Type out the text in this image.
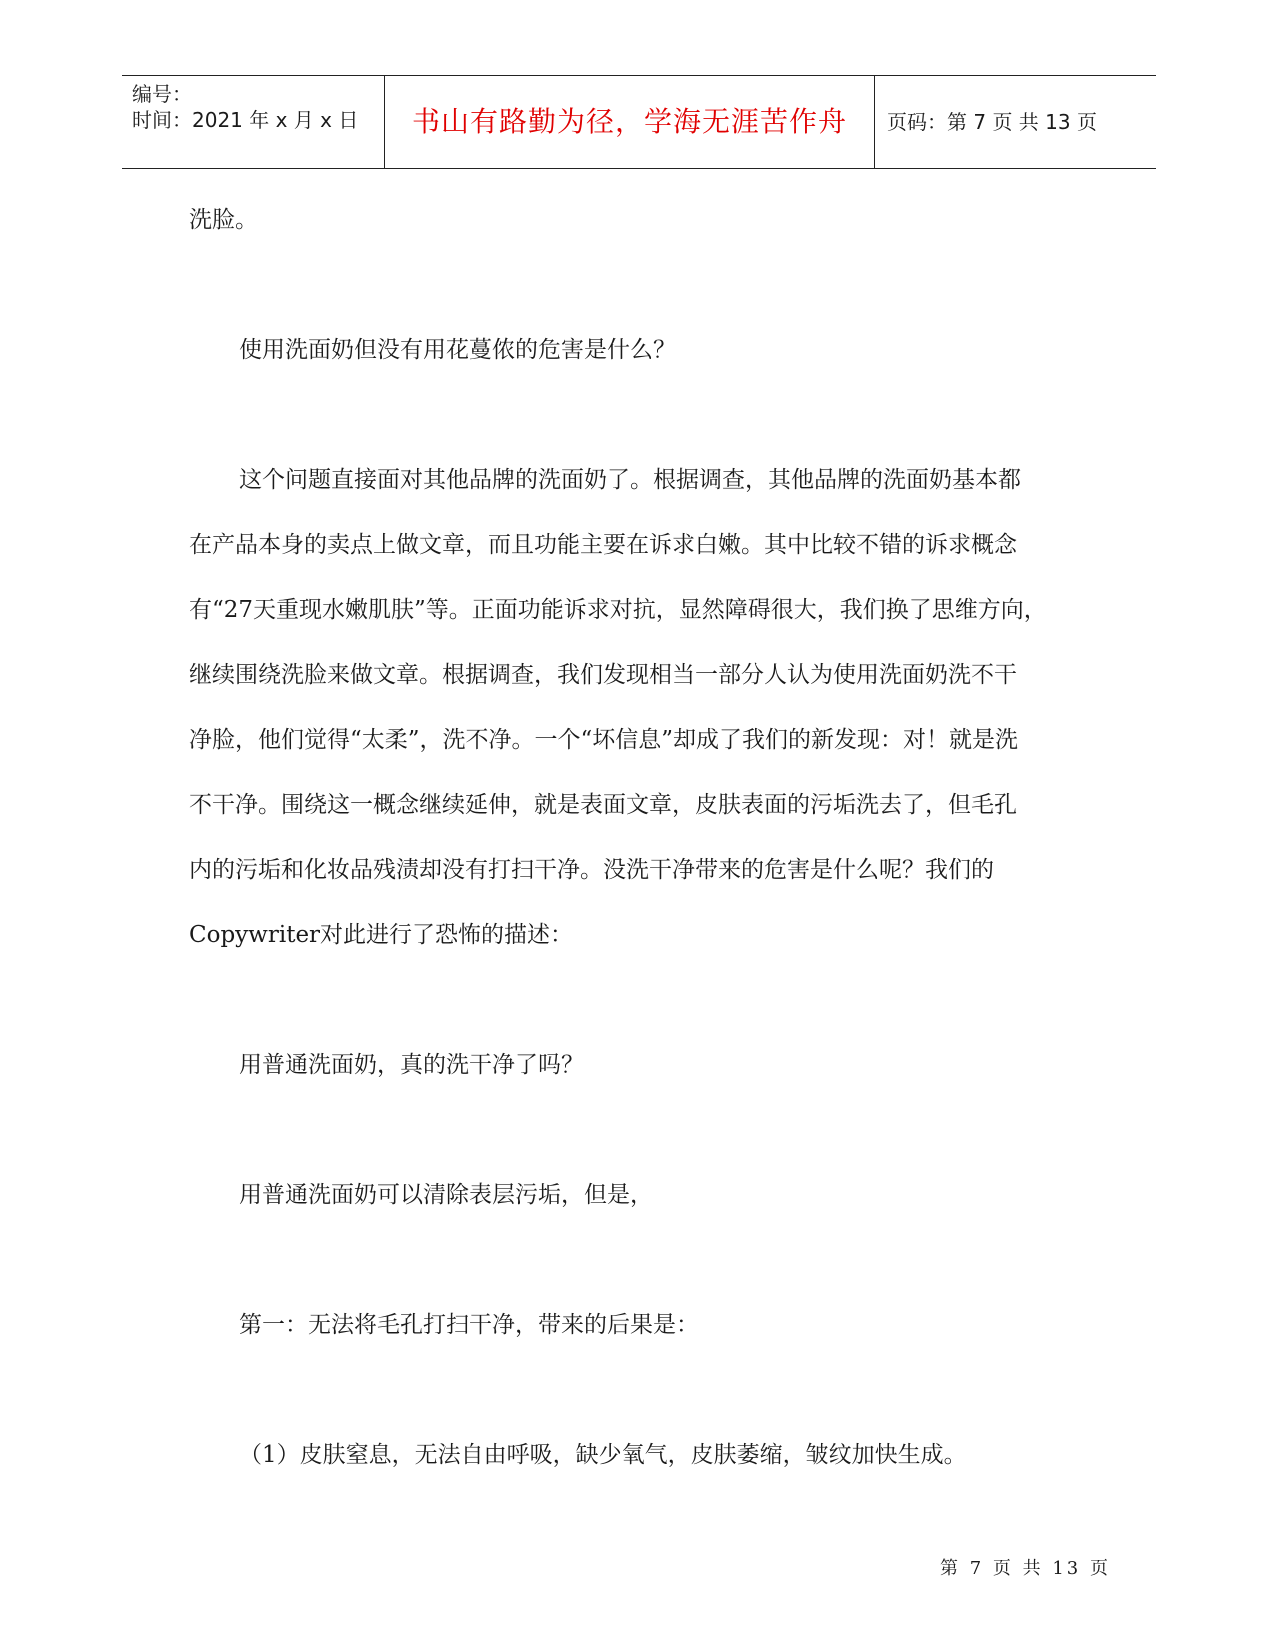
编号：
时间：2021 年 x 月 x 日	书山有路勤为径，学海无涯苦作舟	页码：第 7 页 共 13 页

洗脸。

使用洗面奶但没有用花蔓侬的危害是什么？

这个问题直接面对其他品牌的洗面奶了。根据调查，其他品牌的洗面奶基本都

在产品本身的卖点上做文章，而且功能主要在诉求白嫩。其中比较不错的诉求概念

有“27天重现水嫩肌肤”等。正面功能诉求对抗，显然障碍很大，我们换了思维方向，

继续围绕洗脸来做文章。根据调查，我们发现相当一部分人认为使用洗面奶洗不干

净脸，他们觉得“太柔”，洗不净。一个“坏信息”却成了我们的新发现：对！就是洗

不干净。围绕这一概念继续延伸，就是表面文章，皮肤表面的污垢洗去了，但毛孔

内的污垢和化妆品残渍却没有打扫干净。没洗干净带来的危害是什么呢？我们的

Copywriter对此进行了恐怖的描述：

用普通洗面奶，真的洗干净了吗？

用普通洗面奶可以清除表层污垢，但是，

第一：无法将毛孔打扫干净，带来的后果是：

（1）皮肤窒息，无法自由呼吸，缺少氧气，皮肤萎缩，皱纹加快生成。

第 7 页 共 13 页
